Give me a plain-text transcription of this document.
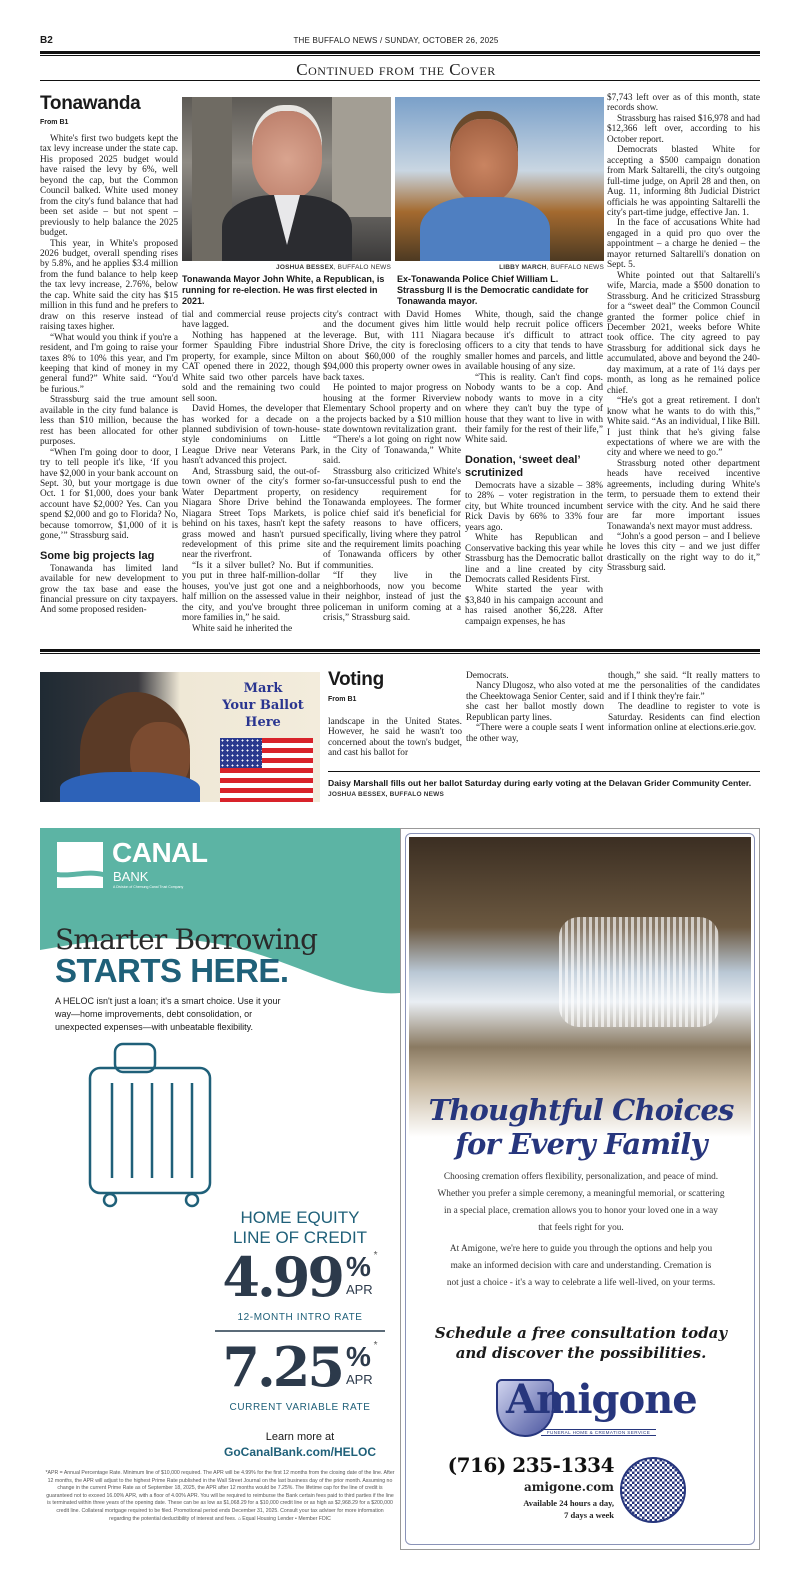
B2	THE BUFFALO NEWS / SUNDAY, OCTOBER 26, 2025
Continued from the Cover
Tonawanda
From B1
JOSHUA BESSEX, BUFFALO NEWS	LIBBY MARCH, BUFFALO NEWS
Tonawanda Mayor John White, a Republican, is running for re-election. He was first elected in 2021.
Ex-Tonawanda Police Chief William L. Strassburg II is the Democratic candidate for Tonawanda mayor.

White's first two budgets kept the tax levy increase under the state cap. His proposed 2025 budget would have raised the levy by 6%, well beyond the cap, but the Common Council balked. White used money from the city's fund balance that had been set aside – but not spent – previously to help balance the 2025 budget.

This year, in White's proposed 2026 budget, overall spending rises by 5.8%, and he applies $3.4 million from the fund balance to help keep the tax levy increase, 2.76%, below the cap. White said the city has $15 million in this fund and he prefers to draw on this reserve instead of raising taxes higher.

“What would you think if you're a resident, and I'm going to raise your taxes 8% to 10% this year, and I'm keeping that kind of money in my general fund?” White said. “You'd be furious.”

Strassburg said the true amount available in the city fund balance is less than $10 million, because the rest has been allocated for other purposes.

“When I'm going door to door, I try to tell people it's like, ‘If you have $2,000 in your bank account on Sept. 30, but your mortgage is due Oct. 1 for $1,000, does your bank account have $2,000? Yes. Can you spend $2,000 and go to Florida? No, because tomorrow, $1,000 of it is gone,’” Strassburg said.

Some big projects lag

Tonawanda has limited land available for new development to grow the tax base and ease the financial pressure on city taxpayers. And some proposed residen-

tial and commercial reuse projects have lagged.

Nothing has happened at the former Spaulding Fibre industrial property, for example, since Milton CAT opened there in 2022, though White said two other parcels have sold and the remaining two could sell soon.

David Homes, the developer that has worked for a decade on a planned subdivision of town-house-style condominiums on Little League Drive near Veterans Park, hasn't advanced this project.

And, Strassburg said, the out-of-town owner of the city's former Water Department property, on Niagara Shore Drive behind the Niagara Street Tops Markets, is behind on his taxes, hasn't kept the grass mowed and hasn't pursued redevelopment of this prime site near the riverfront.

“Is it a silver bullet? No. But if you put in three half-million-dollar houses, you've just got one and a half million on the assessed value in the city, and you've brought three more families in,” he said.

White said he inherited the

city's contract with David Homes and the document gives him little leverage. But, with 111 Niagara Shore Drive, the city is foreclosing on about $60,000 of the roughly $94,000 this property owner owes in back taxes.

He pointed to major progress on housing at the former Riverview Elementary School property and on the projects backed by a $10 million state downtown revitalization grant.

“There's a lot going on right now in the City of Tonawanda,” White said.

Strassburg also criticized White's so-far-unsuccessful push to end the residency requirement for Tonawanda employees. The former police chief said it's beneficial for safety reasons to have officers, specifically, living where they patrol and the requirement limits poaching of Tonawanda officers by other communities.

“If they live in the neighborhoods, now you become their neighbor, instead of just the policeman in uniform coming at a crisis,” Strassburg said.

White, though, said the change would help recruit police officers because it's difficult to attract officers to a city that tends to have smaller homes and parcels, and little available housing of any size.

“This is reality. Can't find cops. Nobody wants to be a cop. And nobody wants to move in a city where they can't buy the type of house that they want to live in with their family for the rest of their life,” White said.

Donation, ‘sweet deal’ scrutinized

Democrats have a sizable – 38% to 28% – voter registration in the city, but White trounced incumbent Rick Davis by 66% to 33% four years ago.

White has Republican and Conservative backing this year while Strassburg has the Democratic ballot line and a line created by city Democrats called Residents First.

White started the year with $3,840 in his campaign account and has raised another $6,228. After campaign expenses, he has

$7,743 left over as of this month, state records show.

Strassburg has raised $16,978 and had $12,366 left over, according to his October report.

Democrats blasted White for accepting a $500 campaign donation from Mark Saltarelli, the city's outgoing full-time judge, on April 28 and then, on Aug. 11, informing 8th Judicial District officials he was appointing Saltarelli the city's part-time judge, effective Jan. 1.

In the face of accusations White had engaged in a quid pro quo over the appointment – a charge he denied – the mayor returned Saltarelli's donation on Sept. 5.

White pointed out that Saltarelli's wife, Marcia, made a $500 donation to Strassburg. And he criticized Strassburg for a “sweet deal” the Common Council granted the former police chief in December 2021, weeks before White took office. The city agreed to pay Strassburg for additional sick days he accumulated, above and beyond the 240-day maximum, at a rate of 1¼ days per month, as long as he remained police chief.

“He's got a great retirement. I don't know what he wants to do with this,” White said. “As an individual, I like Bill. I just think that he's giving false expectations of where we are with the city and where we need to go.”

Strassburg noted other department heads have received incentive agreements, including during White's term, to persuade them to extend their service with the city. And he said there are far more important issues Tonawanda's next mayor must address.

“John's a good person – and I believe he loves this city – and we just differ drastically on the right way to do it,” Strassburg said.

Mark
Your Ballot
Here
Voting
From B1

landscape in the United States. However, he said he wasn't too concerned about the town's budget, and cast his ballot for

Democrats.

Nancy Dlugosz, who also voted at the Cheektowaga Senior Center, said she cast her ballot mostly down Republican party lines.

“There were a couple seats I went the other way,

though,” she said. “It really matters to me the personalities of the candidates and if I think they're fair.”

The deadline to register to vote is Saturday. Residents can find election information online at elections.erie.gov.

Daisy Marshall fills out her ballot Saturday during early voting at the Delavan Grider Community Center.
JOSHUA BESSEX, BUFFALO NEWS
CANAL
BANK
A Division of Chemung Canal Trust Company
Smarter Borrowing
STARTS HERE.
A HELOC isn't just a loan; it's a smart choice. Use it your way—home improvements, debt consolidation, or unexpected expenses—with unbeatable flexibility.
HOME EQUITY
LINE OF CREDIT
4.99 %
APR
*
12-MONTH INTRO RATE
7.25 %
APR
*
CURRENT VARIABLE RATE
Learn more at
GoCanalBank.com/HELOC
*APR = Annual Percentage Rate. Minimum line of $10,000 required. The APR will be 4.99% for the first 12 months from the closing date of the line. After 12 months, the APR will adjust to the highest Prime Rate published in the Wall Street Journal on the last business day of the prior month. Assuming no change in the current Prime Rate as of September 18, 2025, the APR after 12 months would be 7.25%. The lifetime cap for the line of credit is guaranteed not to exceed 16.00% APR, with a floor of 4.00% APR. You will be required to reimburse the Bank certain fees paid to third parties if the line is terminated within three years of the opening date. These can be as low as $1,068.29 for a $10,000 credit line or as high as $2,968.29 for a $200,000 credit line. Collateral mortgage required to be filed. Promotional period ends December 31, 2025. Consult your tax adviser for more information regarding the potential deductibility of interest and fees. ⌂ Equal Housing Lender • Member FDIC
Thoughtful Choices
for Every Family
Choosing cremation offers flexibility, personalization, and peace of mind. Whether you prefer a simple ceremony, a meaningful memorial, or scattering in a special place, cremation allows you to honor your loved one in a way that feels right for you.
At Amigone, we're here to guide you through the options and help you make an informed decision with care and understanding. Cremation is not just a choice - it's a way to celebrate a life well-lived, on your terms.
Schedule a free consultation today
and discover the possibilities.
Amigone
FUNERAL HOME & CREMATION SERVICE
(716) 235-1334
amigone.com
Available 24 hours a day,
7 days a week
